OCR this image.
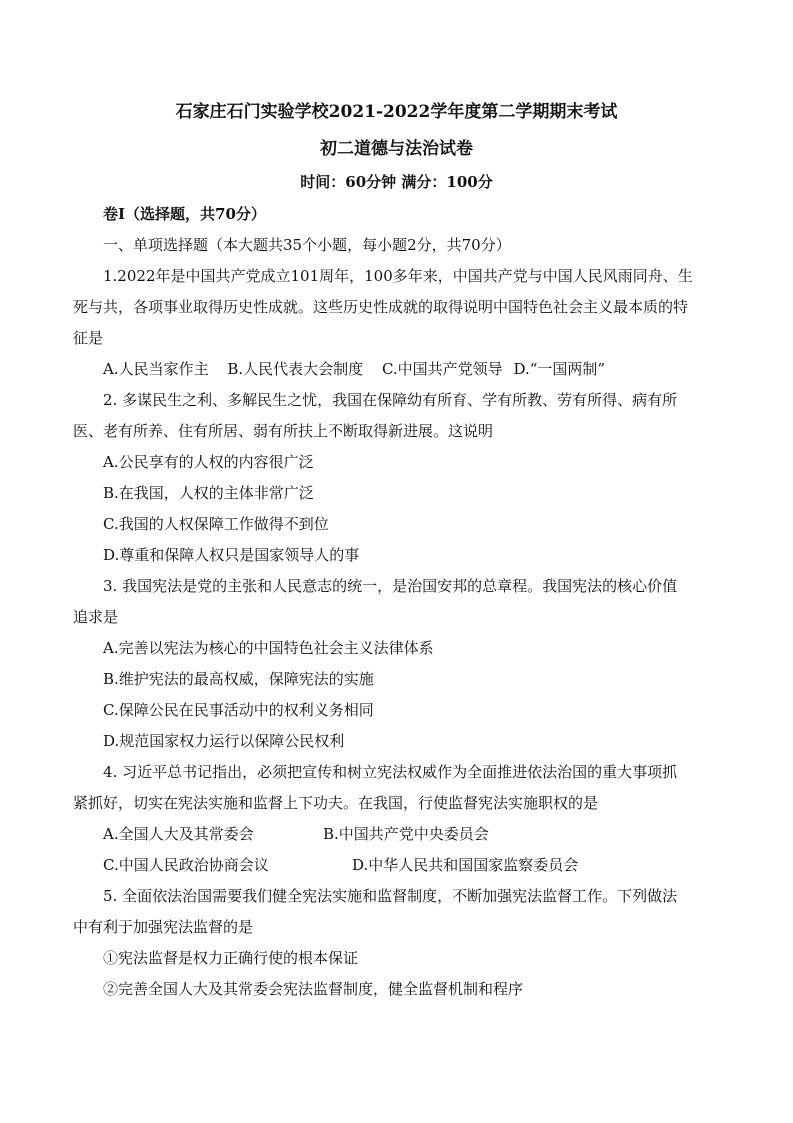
石家庄石门实验学校2021-2022学年度第二学期期末考试
初二道德与法治试卷
时间：60分钟 满分：100分
卷I（选择题，共70分）
一、单项选择题（本大题共35个小题，每小题2分，共70分）
1.2022年是中国共产党成立101周年，100多年来，中国共产党与中国人民风雨同舟、生
死与共，各项事业取得历史性成就。这些历史性成就的取得说明中国特色社会主义最本质的特
征是
A.人民当家作主 B.人民代表大会制度 C.中国共产党领导 D.“一国两制”
2. 多谋民生之利、多解民生之忧，我国在保障幼有所育、学有所教、劳有所得、病有所
医、老有所养、住有所居、弱有所扶上不断取得新进展。这说明
A.公民享有的人权的内容很广泛
B.在我国，人权的主体非常广泛
C.我国的人权保障工作做得不到位
D.尊重和保障人权只是国家领导人的事
3. 我国宪法是党的主张和人民意志的统一，是治国安邦的总章程。我国宪法的核心价值
追求是
A.完善以宪法为核心的中国特色社会主义法律体系
B.维护宪法的最高权威，保障宪法的实施
C.保障公民在民事活动中的权利义务相同
D.规范国家权力运行以保障公民权利
4. 习近平总书记指出，必须把宣传和树立宪法权威作为全面推进依法治国的重大事项抓
紧抓好，切实在宪法实施和监督上下功夫。在我国，行使监督宪法实施职权的是
A.全国人大及其常委会	B.中国共产党中央委员会
C.中国人民政治协商会议	D.中华人民共和国国家监察委员会
5. 全面依法治国需要我们健全宪法实施和监督制度，不断加强宪法监督工作。下列做法
中有利于加强宪法监督的是
①宪法监督是权力正确行使的根本保证
②完善全国人大及其常委会宪法监督制度，健全监督机制和程序
